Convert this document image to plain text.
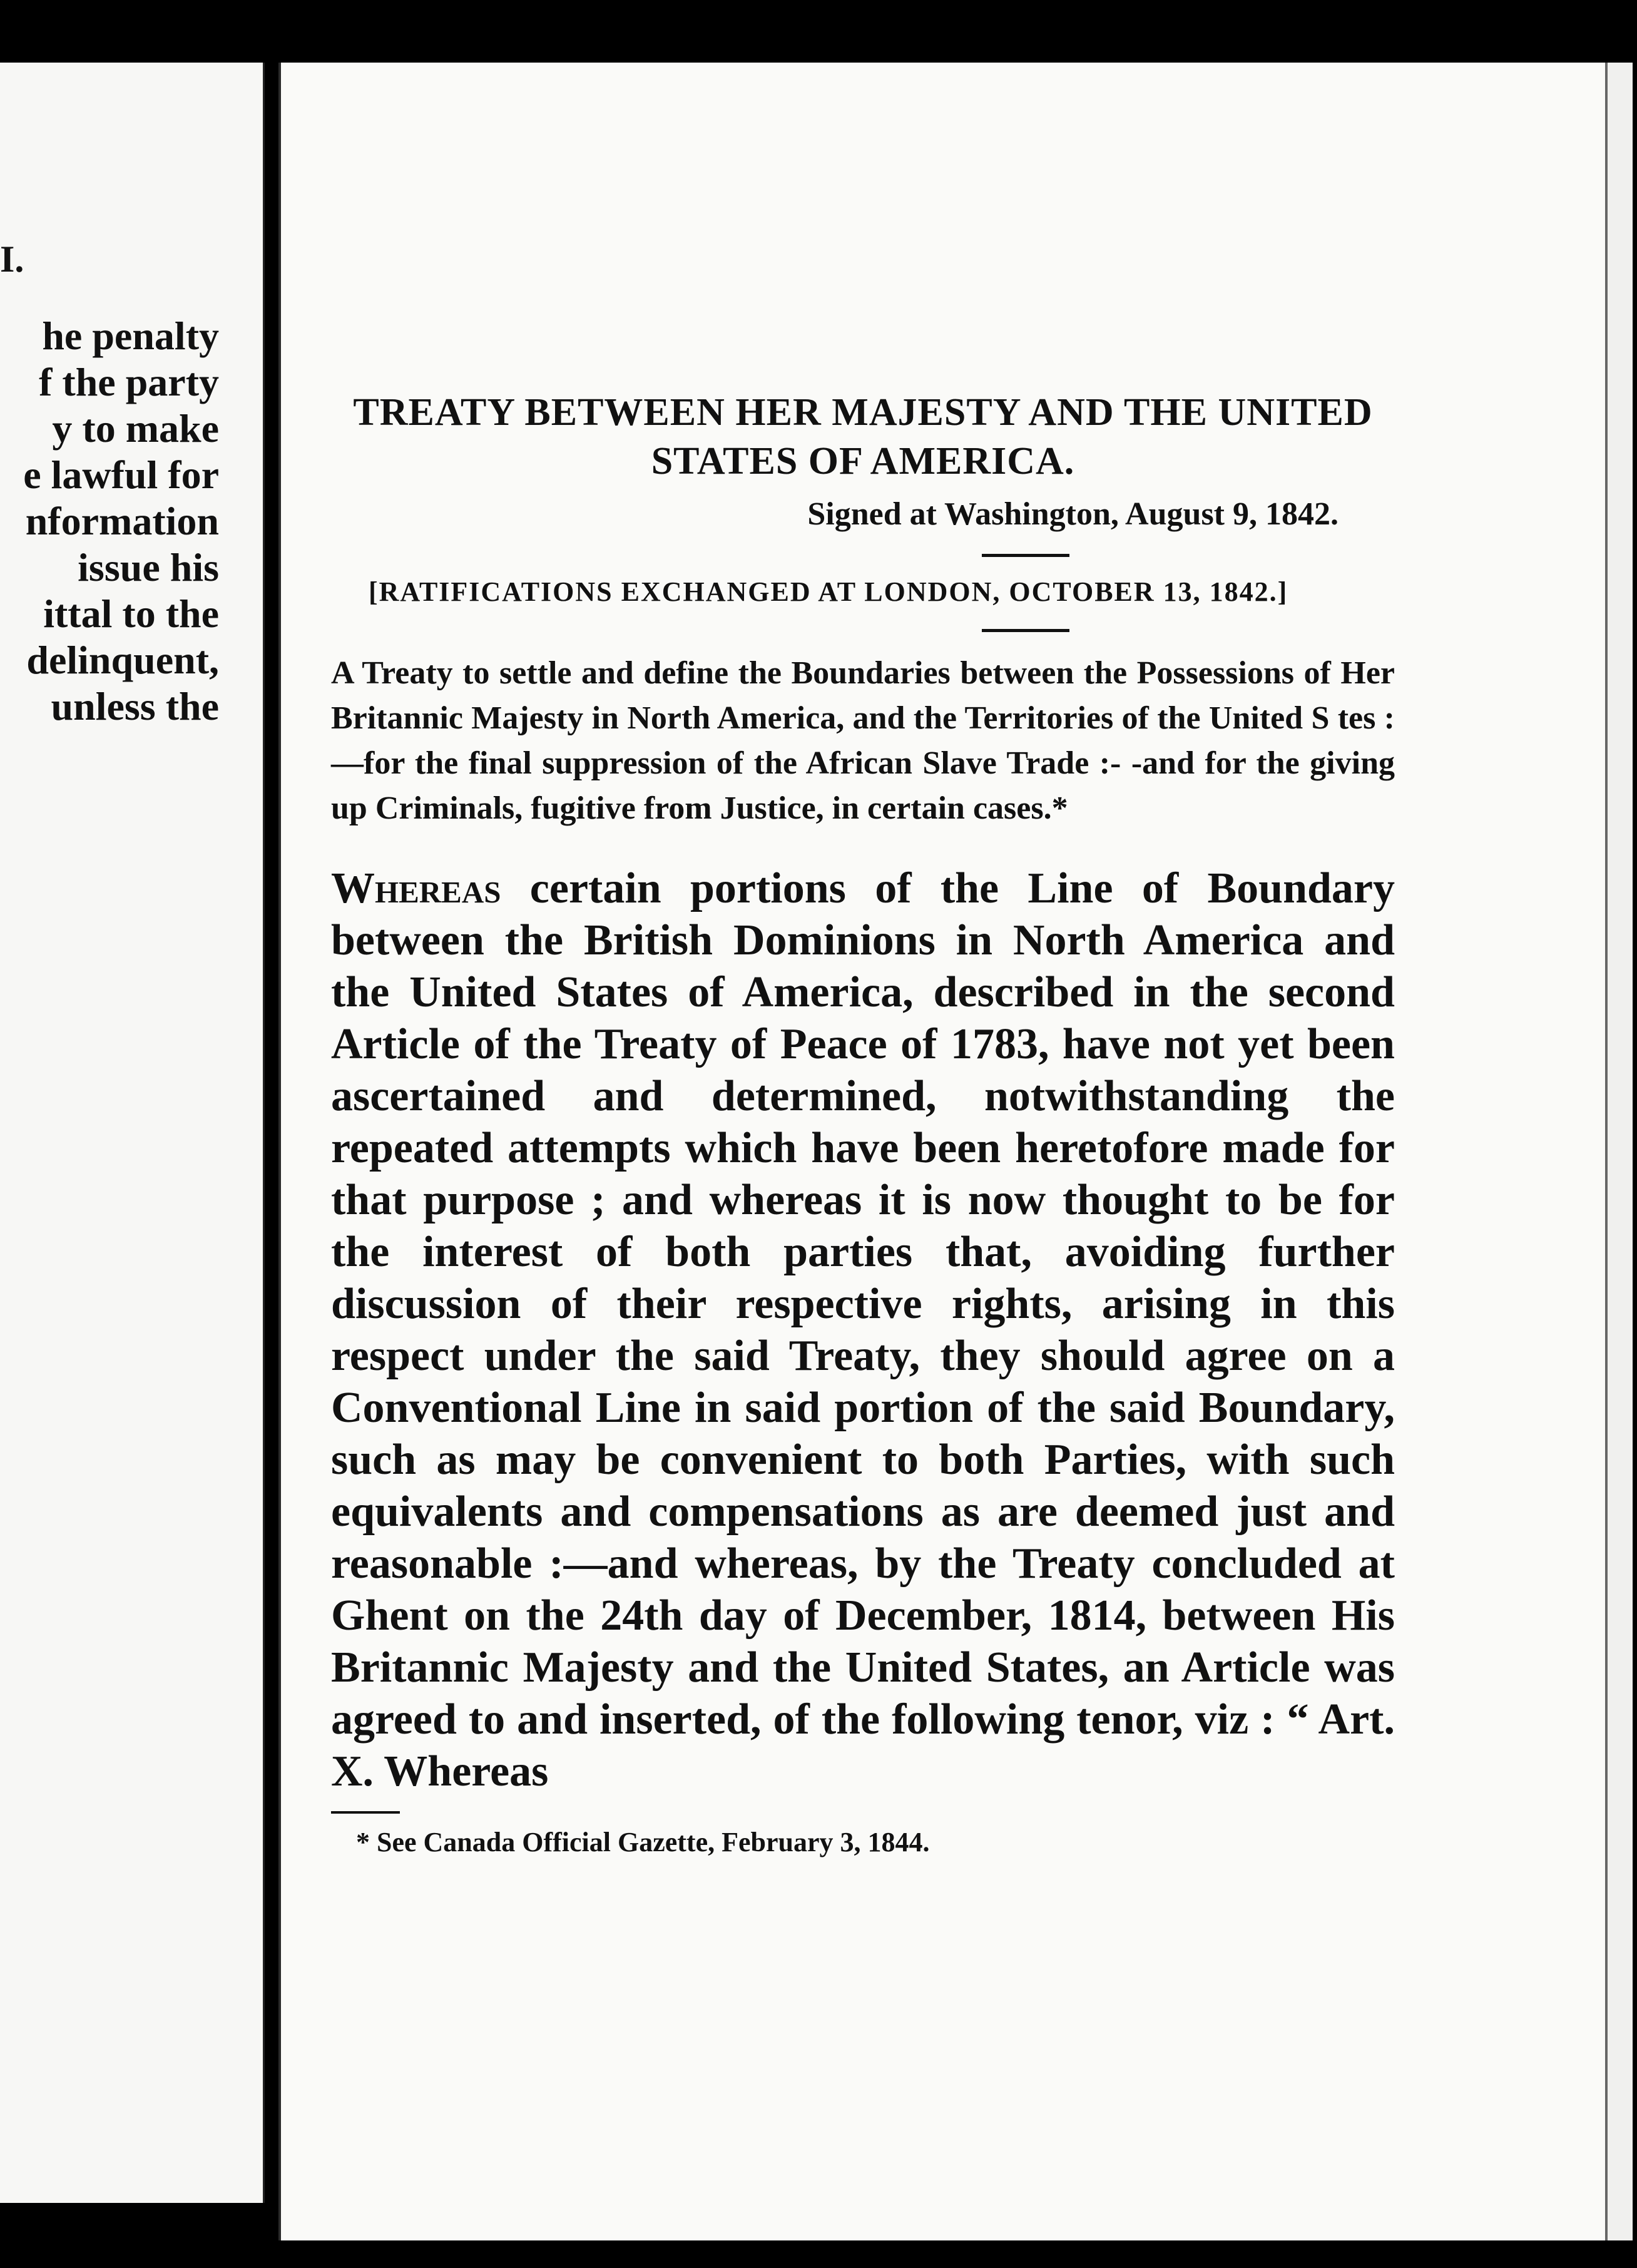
I.
he penalty
f the party
y to make
e lawful for
nformation
issue his
ittal to the
delinquent,
unless the
TREATY BETWEEN HER MAJESTY AND THE UNITED STATES OF AMERICA.
Signed at Washington, August 9, 1842.
[RATIFICATIONS EXCHANGED AT LONDON, OCTOBER 13, 1842.]

A Treaty to settle and define the Boundaries between the Possessions of Her Britannic Majesty in North America, and the Territories of the United S tes :—for the final suppression of the African Slave Trade :- -and for the giving up Criminals, fugitive from Justice, in certain cases.*

Whereas certain portions of the Line of Boundary between the British Dominions in North America and the United States of America, described in the second Article of the Treaty of Peace of 1783, have not yet been ascertained and determined, notwithstanding the repeated attempts which have been heretofore made for that purpose ; and whereas it is now thought to be for the interest of both parties that, avoiding further discussion of their respective rights, arising in this respect under the said Treaty, they should agree on a Conventional Line in said portion of the said Boundary, such as may be convenient to both Parties, with such equivalents and compensations as are deemed just and reasonable :—and whereas, by the Treaty concluded at Ghent on the 24th day of December, 1814, between His Britannic Majesty and the United States, an Article was agreed to and inserted, of the following tenor, viz : “ Art. X. Whereas

* See Canada Official Gazette, February 3, 1844.
